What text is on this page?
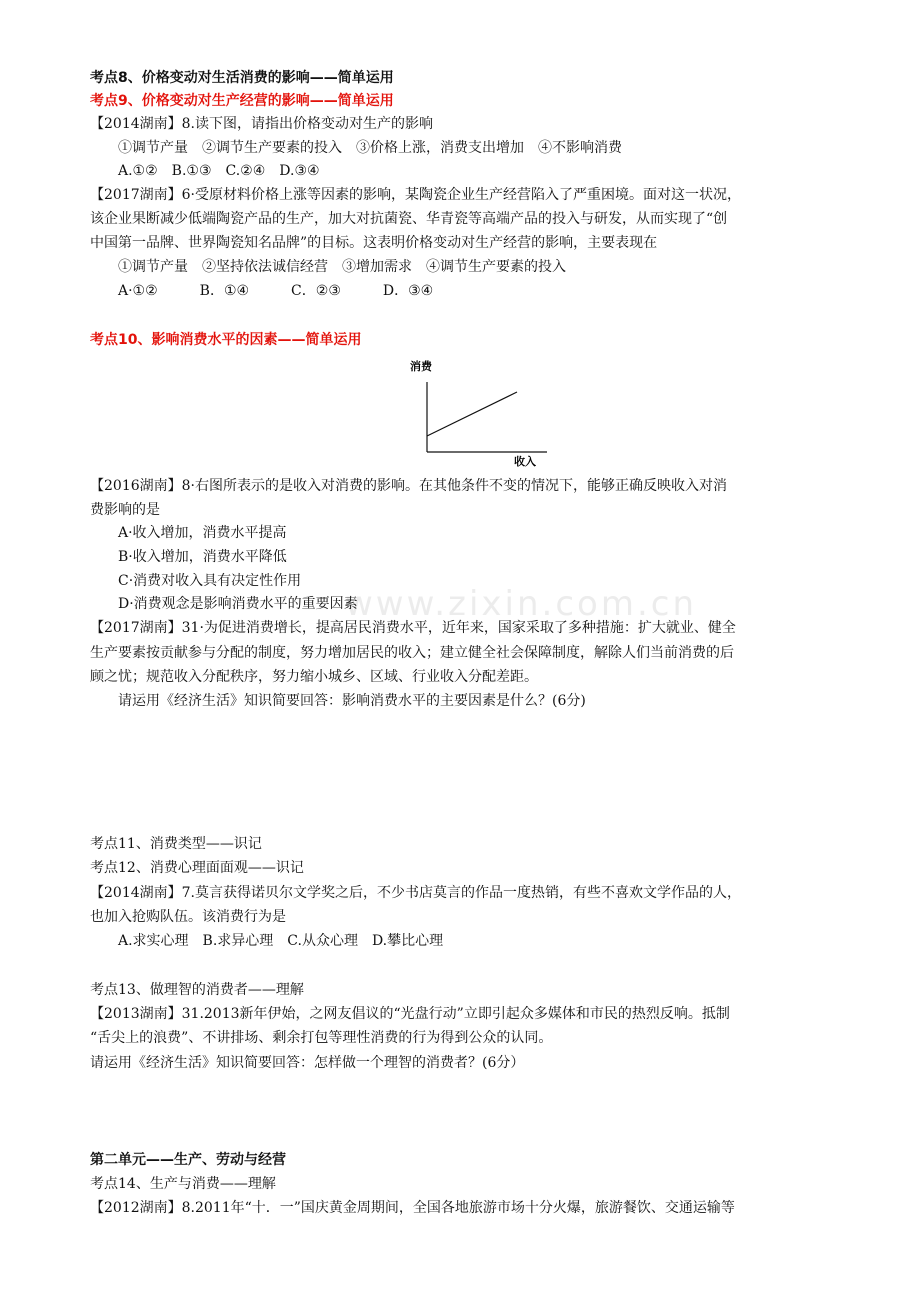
www.zixin.com.cn
考点8、价格变动对生活消费的影响——简单运用
考点9、价格变动对生产经营的影响——简单运用
【2014湖南】8.读下图，请指出价格变动对生产的影响
①调节产量　②调节生产要素的投入　③价格上涨，消费支出增加　④不影响消费
A.①②　B.①③　C.②④　D.③④
【2017湖南】6·受原材料价格上涨等因素的影响，某陶瓷企业生产经营陷入了严重困境。面对这一状况，
该企业果断减少低端陶瓷产品的生产，加大对抗菌瓷、华青瓷等高端产品的投入与研发，从而实现了“创
中国第一品牌、世界陶瓷知名品牌”的目标。这表明价格变动对生产经营的影响，主要表现在
①调节产量　②坚持依法诚信经营　③增加需求　④调节生产要素的投入
A·①②　　　B．①④　　　C．②③　　　D．③④
考点10、影响消费水平的因素——简单运用
消费
收入
【2016湖南】8·右图所表示的是收入对消费的影响。在其他条件不变的情况下，能够正确反映收入对消
费影响的是
A·收入增加，消费水平提高
B·收入增加，消费水平降低
C·消费对收入具有决定性作用
D·消费观念是影响消费水平的重要因素
【2017湖南】31·为促进消费增长，提高居民消费水平，近年来，国家采取了多种措施：扩大就业、健全
生产要素按贡献参与分配的制度，努力增加居民的收入；建立健全社会保障制度，解除人们当前消费的后
顾之忧；规范收入分配秩序，努力缩小城乡、区域、行业收入分配差距。
请运用《经济生活》知识简要回答：影响消费水平的主要因素是什么？(6分)
考点11、消费类型——识记
考点12、消费心理面面观——识记
【2014湖南】7.莫言获得诺贝尔文学奖之后，不少书店莫言的作品一度热销，有些不喜欢文学作品的人，
也加入抢购队伍。该消费行为是
A.求实心理　B.求异心理　C.从众心理　D.攀比心理
考点13、做理智的消费者——理解
【2013湖南】31.2013新年伊始，之网友倡议的“光盘行动”立即引起众多媒体和市民的热烈反响。抵制
“舌尖上的浪费”、不讲排场、剩余打包等理性消费的行为得到公众的认同。
请运用《经济生活》知识简要回答：怎样做一个理智的消费者？(6分）
第二单元——生产、劳动与经营
考点14、生产与消费——理解
【2012湖南】8.2011年“十．一”国庆黄金周期间，全国各地旅游市场十分火爆，旅游餐饮、交通运输等
